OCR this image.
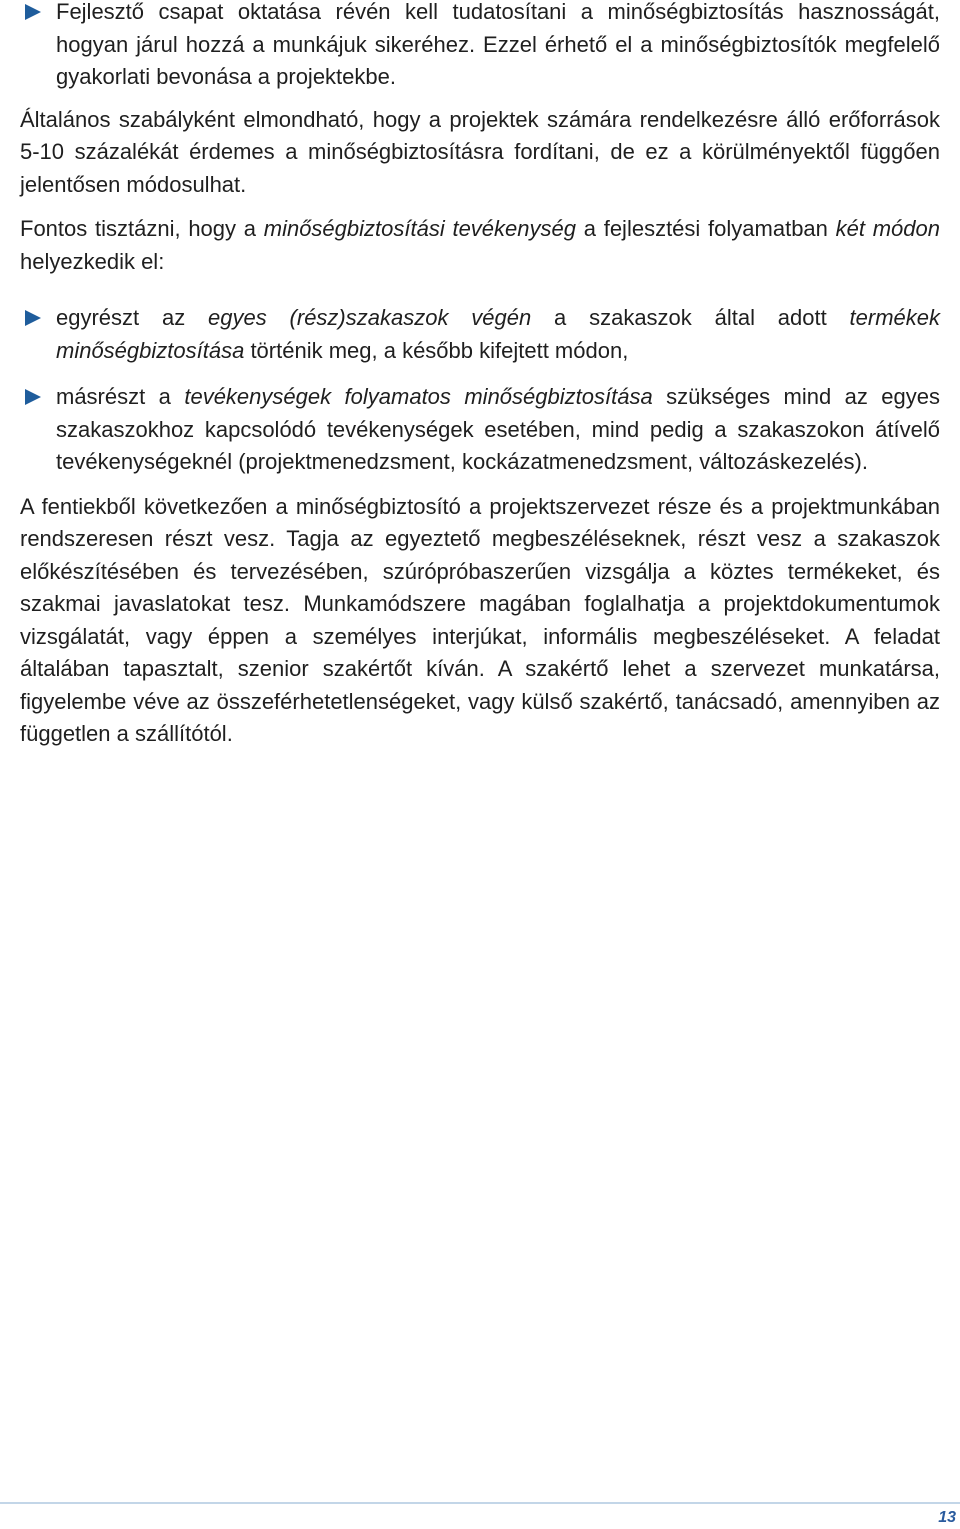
Fejlesztő csapat oktatása révén kell tudatosítani a minőségbiztosítás hasznosságát, hogyan járul hozzá a munkájuk sikeréhez. Ezzel érhető el a minőségbiztosítók megfelelő gyakorlati bevonása a projektekbe.

Általános szabályként elmondható, hogy a projektek számára rendelkezésre álló erőforrások 5-10 százalékát érdemes a minőségbiztosításra fordítani, de ez a körülményektől függően jelentősen módosulhat.

Fontos tisztázni, hogy a minőségbiztosítási tevékenység a fejlesztési folyamatban két módon helyezkedik el:

egyrészt az egyes (rész)szakaszok végén a szakaszok által adott termékek minőségbiztosítása történik meg, a később kifejtett módon,
másrészt a tevékenységek folyamatos minőségbiztosítása szükséges mind az egyes szakaszokhoz kapcsolódó tevékenységek esetében, mind pedig a szakaszokon átívelő tevékenységeknél (projektmenedzsment, kockázatmenedzsment, változáskezelés).

A fentiekből következően a minőségbiztosító a projektszervezet része és a projektmunkában rendszeresen részt vesz. Tagja az egyeztető megbeszéléseknek, részt vesz a szakaszok előkészítésében és tervezésében, szúrópróbaszerűen vizsgálja a köztes termékeket, és szakmai javaslatokat tesz. Munkamódszere magában foglalhatja a projektdokumentumok vizsgálatát, vagy éppen a személyes interjúkat, informális megbeszéléseket. A feladat általában tapasztalt, szenior szakértőt kíván. A szakértő lehet a szervezet munkatársa, figyelembe véve az összeférhetetlenségeket, vagy külső szakértő, tanácsadó, amennyiben az független a szállítótól.

13
